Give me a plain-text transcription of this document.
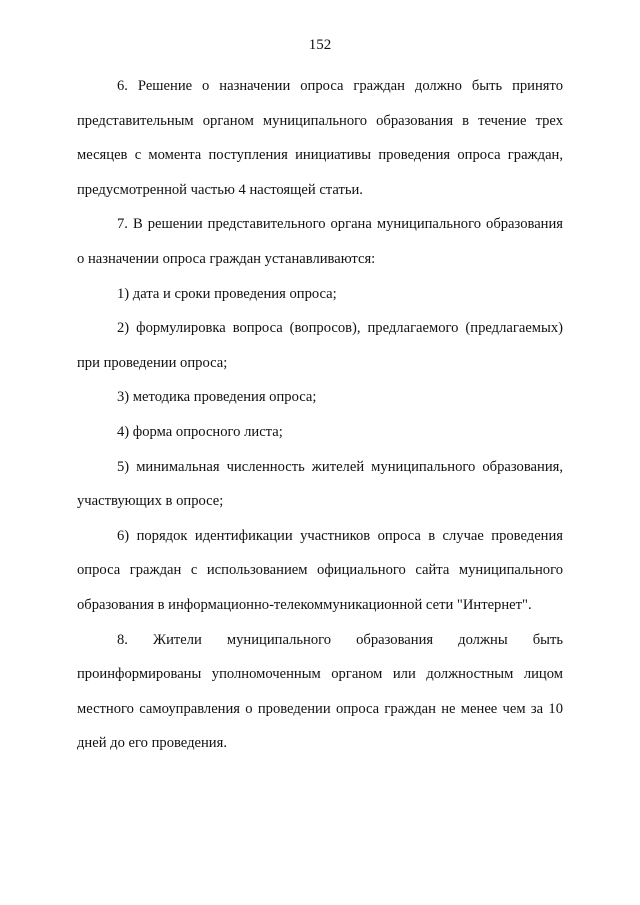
152

6. Решение о назначении опроса граждан должно быть принято представительным органом муниципального образования в течение трех месяцев с момента поступления инициативы проведения опроса граждан, предусмотренной частью 4 настоящей статьи.

7. В решении представительного органа муниципального образования о назначении опроса граждан устанавливаются:

1) дата и сроки проведения опроса;

2) формулировка вопроса (вопросов), предлагаемого (предлагаемых) при проведении опроса;

3) методика проведения опроса;

4) форма опросного листа;

5) минимальная численность жителей муниципального образования, участвующих в опросе;

6) порядок идентификации участников опроса в случае проведения опроса граждан с использованием официального сайта муниципального образования в информационно-телекоммуникационной сети "Интернет".

8. Жители муниципального образования должны быть проинформированы уполномоченным органом или должностным лицом местного самоуправления о проведении опроса граждан не менее чем за 10 дней до его проведения.
